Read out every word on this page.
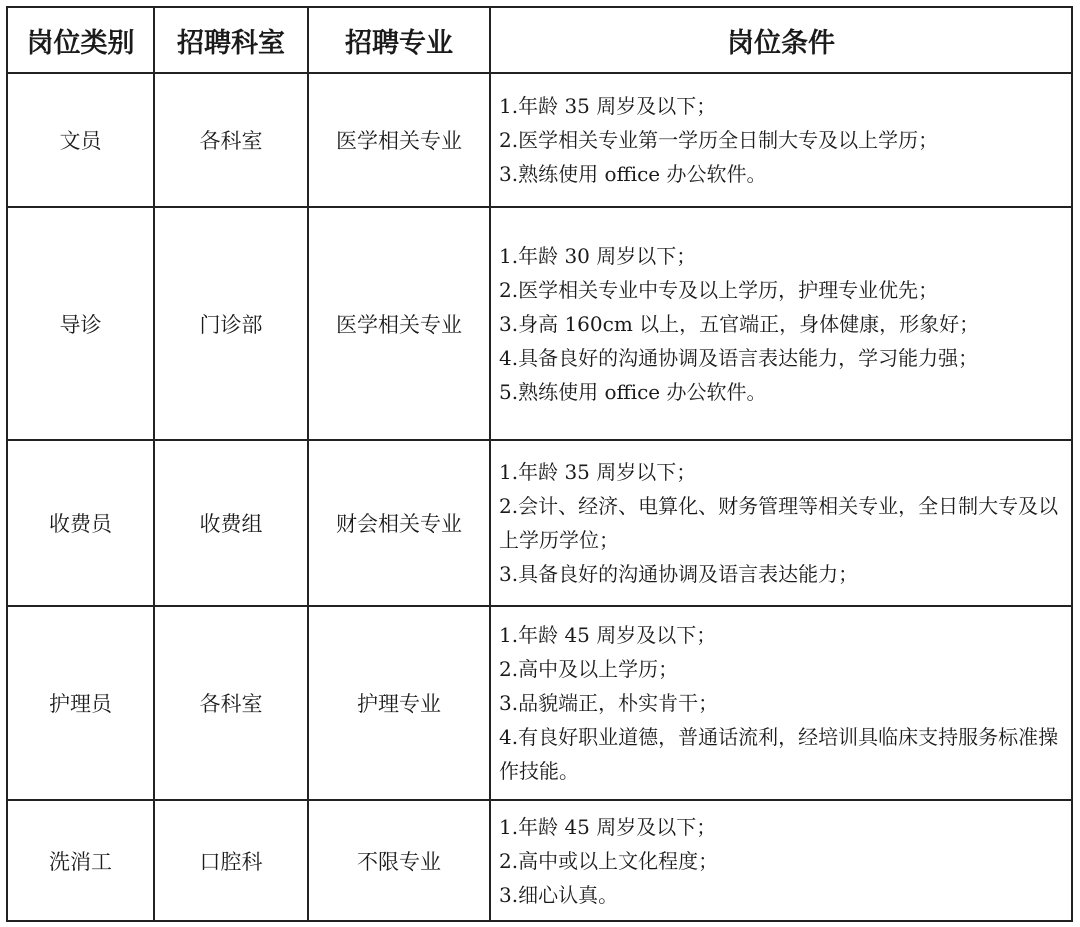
岗位类别	招聘科室	招聘专业	岗位条件
文员	各科室	医学相关专业	1.年龄 35 周岁及以下；
2.医学相关专业第一学历全日制大专及以上学历；
3.熟练使用 office 办公软件。

导诊	门诊部	医学相关专业	1.年龄 30 周岁以下；
2.医学相关专业中专及以上学历，护理专业优先；
3.身高 160cm 以上，五官端正，身体健康，形象好；
4.具备良好的沟通协调及语言表达能力，学习能力强；
5.熟练使用 office 办公软件。

收费员	收费组	财会相关专业	1.年龄 35 周岁以下；
2.会计、经济、电算化、财务管理等相关专业，全日制大专及以上学历学位；
3.具备良好的沟通协调及语言表达能力；

护理员	各科室	护理专业	1.年龄 45 周岁及以下；
2.高中及以上学历；
3.品貌端正，朴实肯干；
4.有良好职业道德，普通话流利，经培训具临床支持服务标准操作技能。

洗消工	口腔科	不限专业	1.年龄 45 周岁及以下；
2.高中或以上文化程度；
3.细心认真。
